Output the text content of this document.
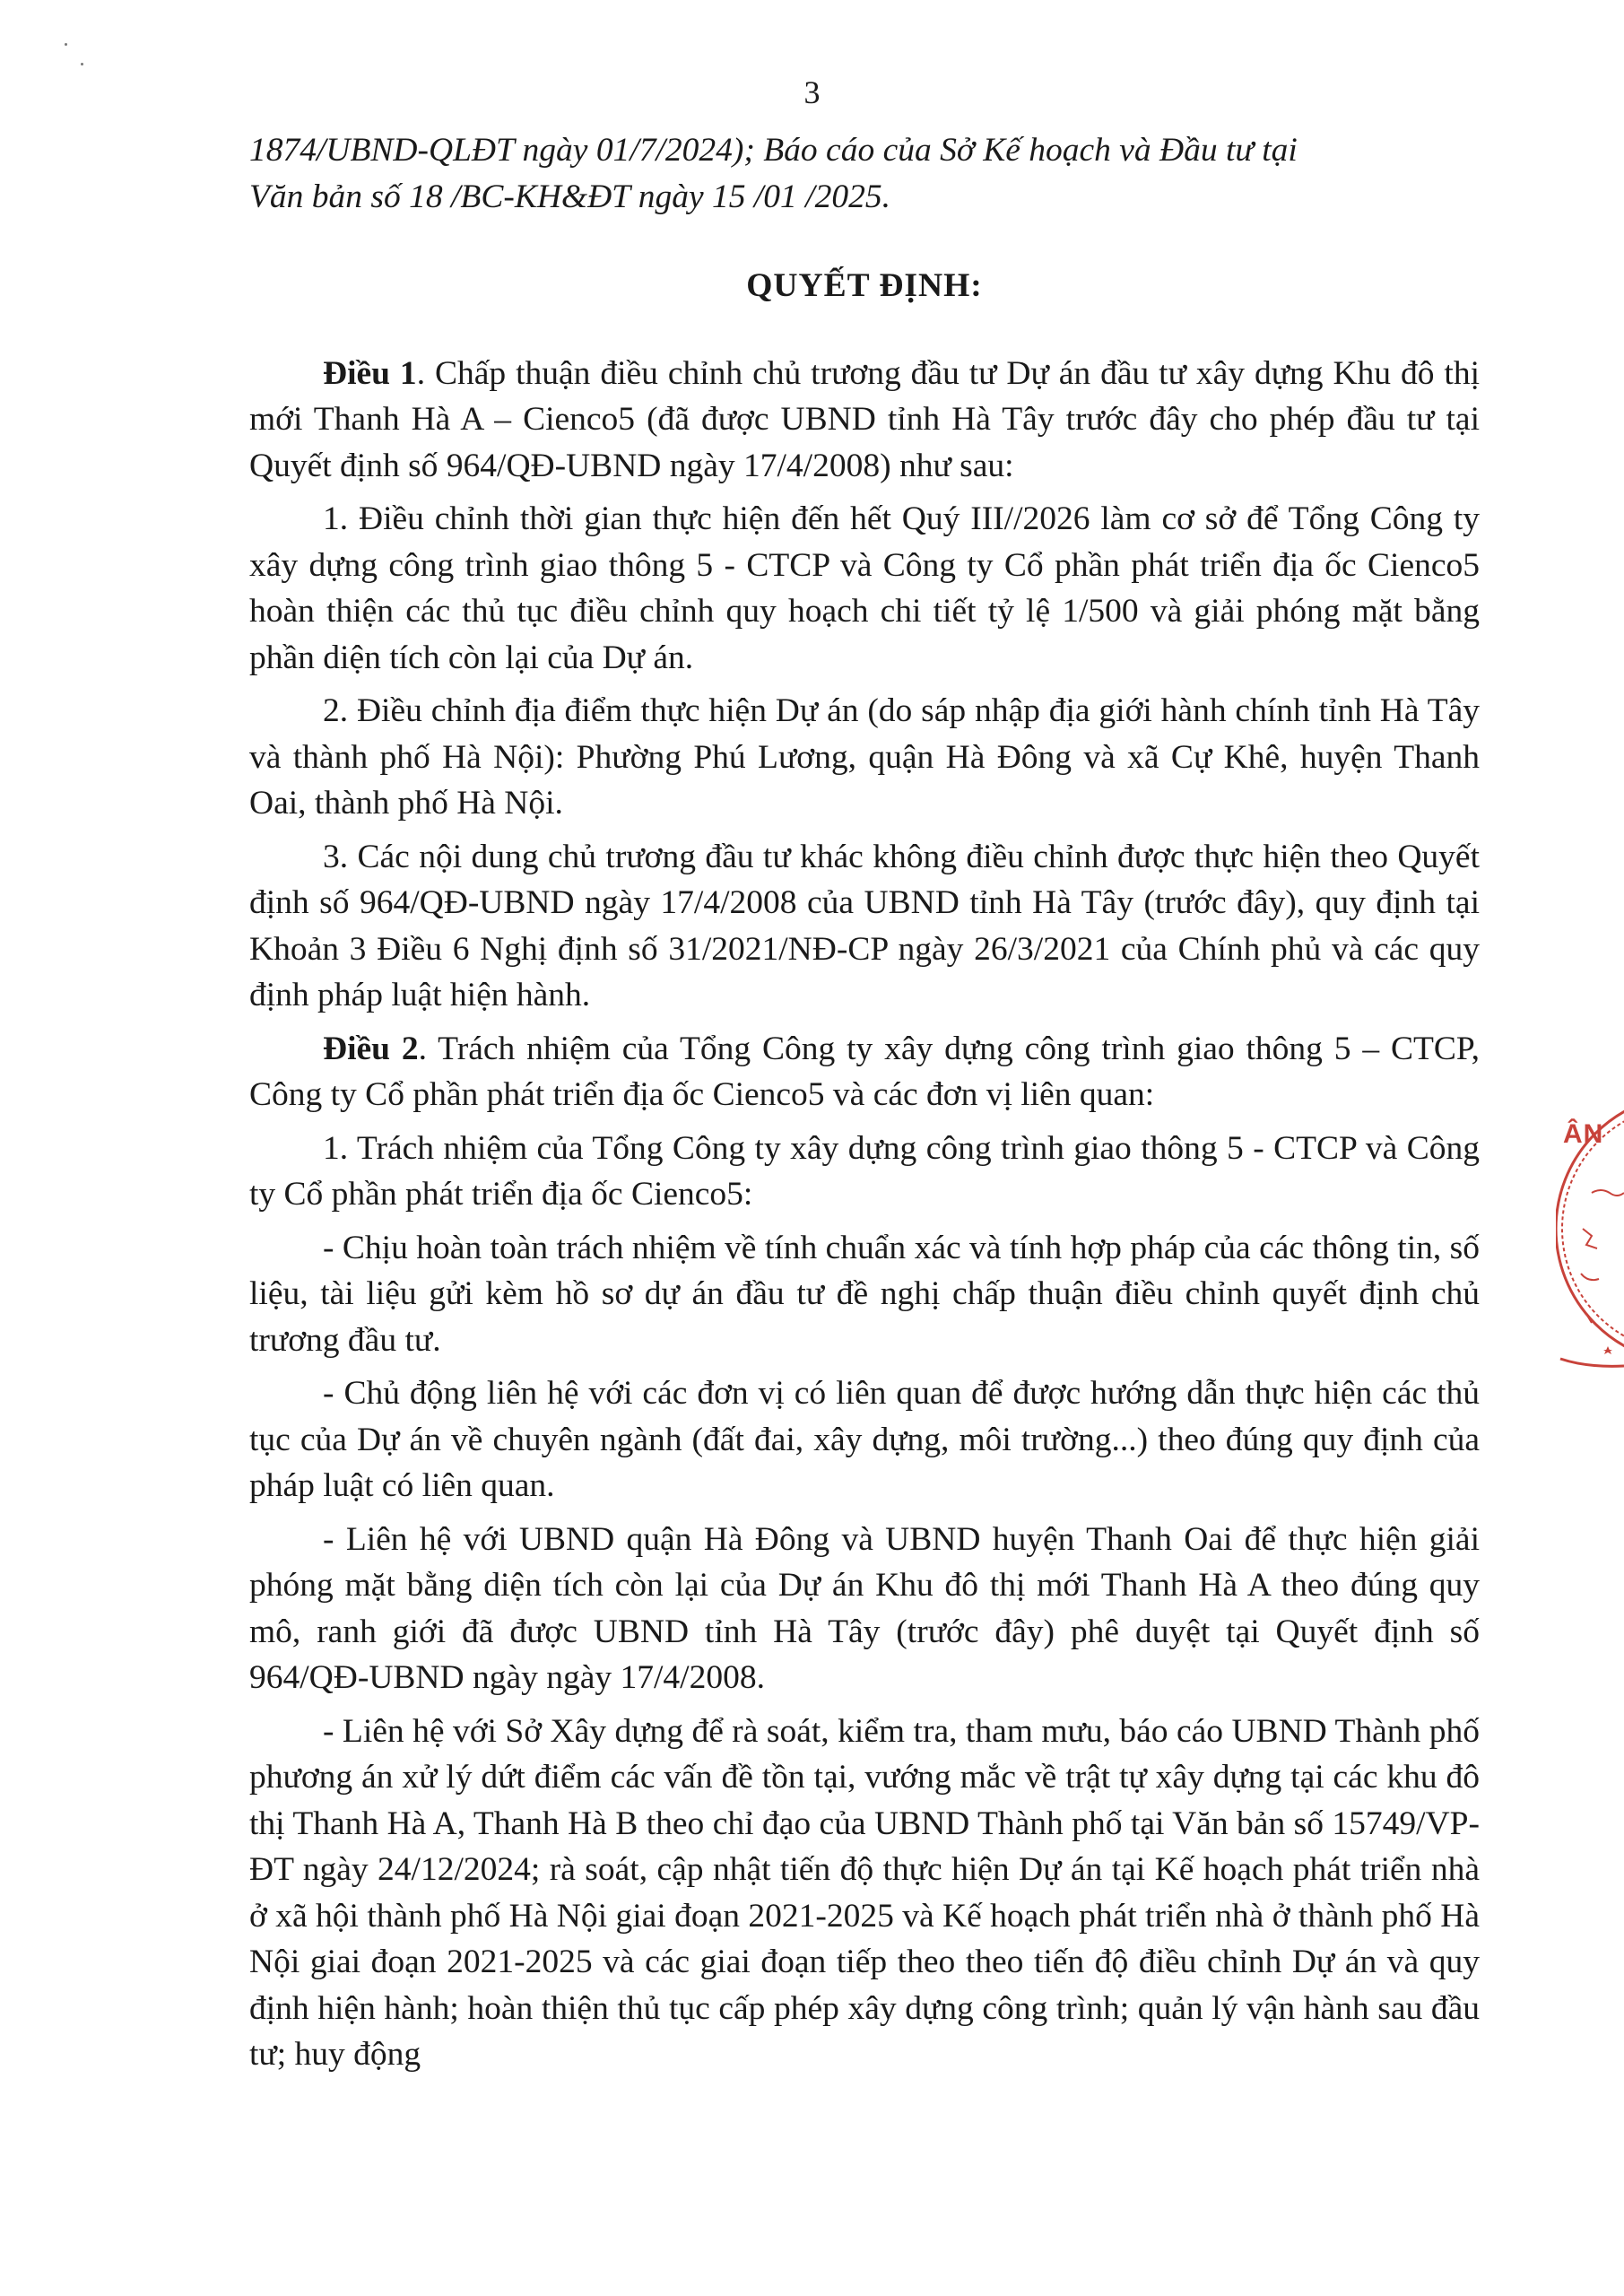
3

1874/UBND-QLĐT ngày 01/7/2024); Báo cáo của Sở Kế hoạch và Đầu tư tại

Văn bản số 18 /BC-KH&ĐT ngày 15 /01 /2025.

QUYẾT ĐỊNH:

Điều 1. Chấp thuận điều chỉnh chủ trương đầu tư Dự án đầu tư xây dựng Khu đô thị mới Thanh Hà A – Cienco5 (đã được UBND tỉnh Hà Tây trước đây cho phép đầu tư tại Quyết định số 964/QĐ-UBND ngày 17/4/2008) như sau:

1. Điều chỉnh thời gian thực hiện đến hết Quý III//2026 làm cơ sở để Tổng Công ty xây dựng công trình giao thông 5 - CTCP và Công ty Cổ phần phát triển địa ốc Cienco5 hoàn thiện các thủ tục điều chỉnh quy hoạch chi tiết tỷ lệ 1/500 và giải phóng mặt bằng phần diện tích còn lại của Dự án.

2. Điều chỉnh địa điểm thực hiện Dự án (do sáp nhập địa giới hành chính tỉnh Hà Tây và thành phố Hà Nội): Phường Phú Lương, quận Hà Đông và xã Cự Khê, huyện Thanh Oai, thành phố Hà Nội.

3. Các nội dung chủ trương đầu tư khác không điều chỉnh được thực hiện theo Quyết định số 964/QĐ-UBND ngày 17/4/2008 của UBND tỉnh Hà Tây (trước đây), quy định tại Khoản 3 Điều 6 Nghị định số 31/2021/NĐ-CP ngày 26/3/2021 của Chính phủ và các quy định pháp luật hiện hành.

Điều 2. Trách nhiệm của Tổng Công ty xây dựng công trình giao thông 5 – CTCP, Công ty Cổ phần phát triển địa ốc Cienco5 và các đơn vị liên quan:

1. Trách nhiệm của Tổng Công ty xây dựng công trình giao thông 5 - CTCP và Công ty Cổ phần phát triển địa ốc Cienco5:

- Chịu hoàn toàn trách nhiệm về tính chuẩn xác và tính hợp pháp của các thông tin, số liệu, tài liệu gửi kèm hồ sơ dự án đầu tư đề nghị chấp thuận điều chỉnh quyết định chủ trương đầu tư.

- Chủ động liên hệ với các đơn vị có liên quan để được hướng dẫn thực hiện các thủ tục của Dự án về chuyên ngành (đất đai, xây dựng, môi trường...) theo đúng quy định của pháp luật có liên quan.

- Liên hệ với UBND quận Hà Đông và UBND huyện Thanh Oai để thực hiện giải phóng mặt bằng diện tích còn lại của Dự án Khu đô thị mới Thanh Hà A theo đúng quy mô, ranh giới đã được UBND tỉnh Hà Tây (trước đây) phê duyệt tại Quyết định số 964/QĐ-UBND ngày ngày 17/4/2008.

- Liên hệ với Sở Xây dựng để rà soát, kiểm tra, tham mưu, báo cáo UBND Thành phố phương án xử lý dứt điểm các vấn đề tồn tại, vướng mắc về trật tự xây dựng tại các khu đô thị Thanh Hà A, Thanh Hà B theo chỉ đạo của UBND Thành phố tại Văn bản số 15749/VP-ĐT ngày 24/12/2024; rà soát, cập nhật tiến độ thực hiện Dự án tại Kế hoạch phát triển nhà ở xã hội thành phố Hà Nội giai đoạn 2021-2025 và Kế hoạch phát triển nhà ở thành phố Hà Nội giai đoạn 2021-2025 và các giai đoạn tiếp theo theo tiến độ điều chỉnh Dự án và quy định hiện hành; hoàn thiện thủ tục cấp phép xây dựng công trình; quản lý vận hành sau đầu tư; huy động

ÂN
